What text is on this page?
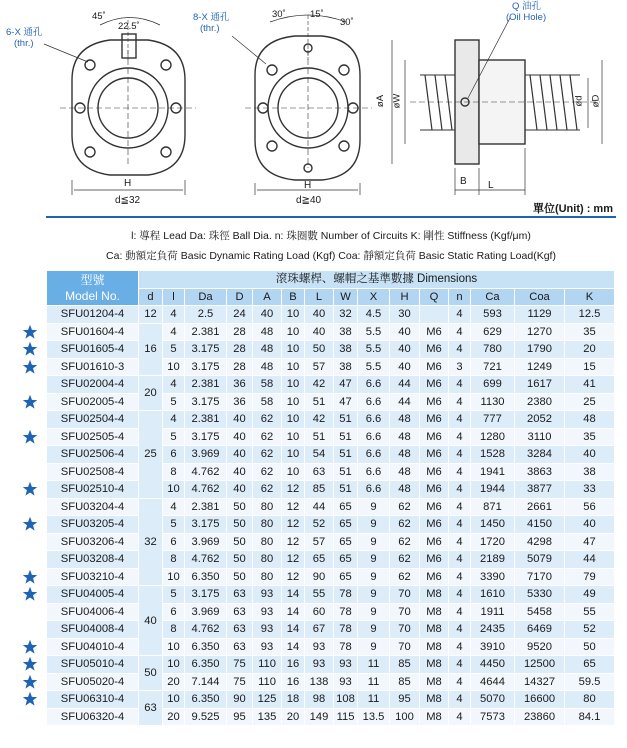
6-X 通孔
(thr.)
45˚
22.5˚
H
d≦32
8-X 通孔
(thr.)
30˚	15˚
30˚
H
d≧40
Q 油孔
(Oil Hole)
øA øW	ød øD
B L
單位(Unit) : mm
l: 導程 Lead Da: 珠徑 Ball Dia. n: 珠圈數 Number of Circuits K: 剛性 Stiffness (Kgf/μm)
Ca: 動額定負荷 Basic Dynamic Rating Load (Kgf) Coa: 靜額定負荷 Basic Static Rating Load(Kgf)
型號
Model No.	滾珠螺桿、螺帽之基準數據 Dimensions														
	d	l	Da	D	A	B	L	W	X	H	Q	n	Ca	Coa	K
SFU01204-4	12	4	2.5	24	40	10	40	32	4.5	30		4	593	1129	12.5
SFU01604-4	16	4	2.381	28	48	10	40	38	5.5	40	M6	4	629	1270	35
SFU01605-4		5	3.175	28	48	10	50	38	5.5	40	M6	4	780	1790	20
SFU01610-3		10	3.175	28	48	10	57	38	5.5	40	M6	3	721	1249	15
SFU02004-4	20	4	2.381	36	58	10	42	47	6.6	44	M6	4	699	1617	41
SFU02005-4		5	3.175	36	58	10	51	47	6.6	44	M6	4	1130	2380	25
SFU02504-4	25	4	2.381	40	62	10	42	51	6.6	48	M6	4	777	2052	48
SFU02505-4		5	3.175	40	62	10	51	51	6.6	48	M6	4	1280	3110	35
SFU02506-4		6	3.969	40	62	10	54	51	6.6	48	M6	4	1528	3284	40
SFU02508-4		8	4.762	40	62	10	63	51	6.6	48	M6	4	1941	3863	38
SFU02510-4		10	4.762	40	62	12	85	51	6.6	48	M6	4	1944	3877	33
SFU03204-4	32	4	2.381	50	80	12	44	65	9	62	M6	4	871	2661	56
SFU03205-4		5	3.175	50	80	12	52	65	9	62	M6	4	1450	4150	40
SFU03206-4		6	3.969	50	80	12	57	65	9	62	M6	4	1720	4298	47
SFU03208-4		8	4.762	50	80	12	65	65	9	62	M6	4	2189	5079	44
SFU03210-4		10	6.350	50	80	12	90	65	9	62	M6	4	3390	7170	79
SFU04005-4	40	5	3.175	63	93	14	55	78	9	70	M8	4	1610	5330	49
SFU04006-4		6	3.969	63	93	14	60	78	9	70	M8	4	1911	5458	55
SFU04008-4		8	4.762	63	93	14	67	78	9	70	M8	4	2435	6469	52
SFU04010-4		10	6.350	63	93	14	93	78	9	70	M8	4	3910	9520	50
SFU05010-4	50	10	6.350	75	110	16	93	93	11	85	M8	4	4450	12500	65
SFU05020-4		20	7.144	75	110	16	138	93	11	85	M8	4	4644	14327	59.5
SFU06310-4	63	10	6.350	90	125	18	98	108	11	95	M8	4	5070	16600	80
SFU06320-4		20	9.525	95	135	20	149	115	13.5	100	M8	4	7573	23860	84.1
